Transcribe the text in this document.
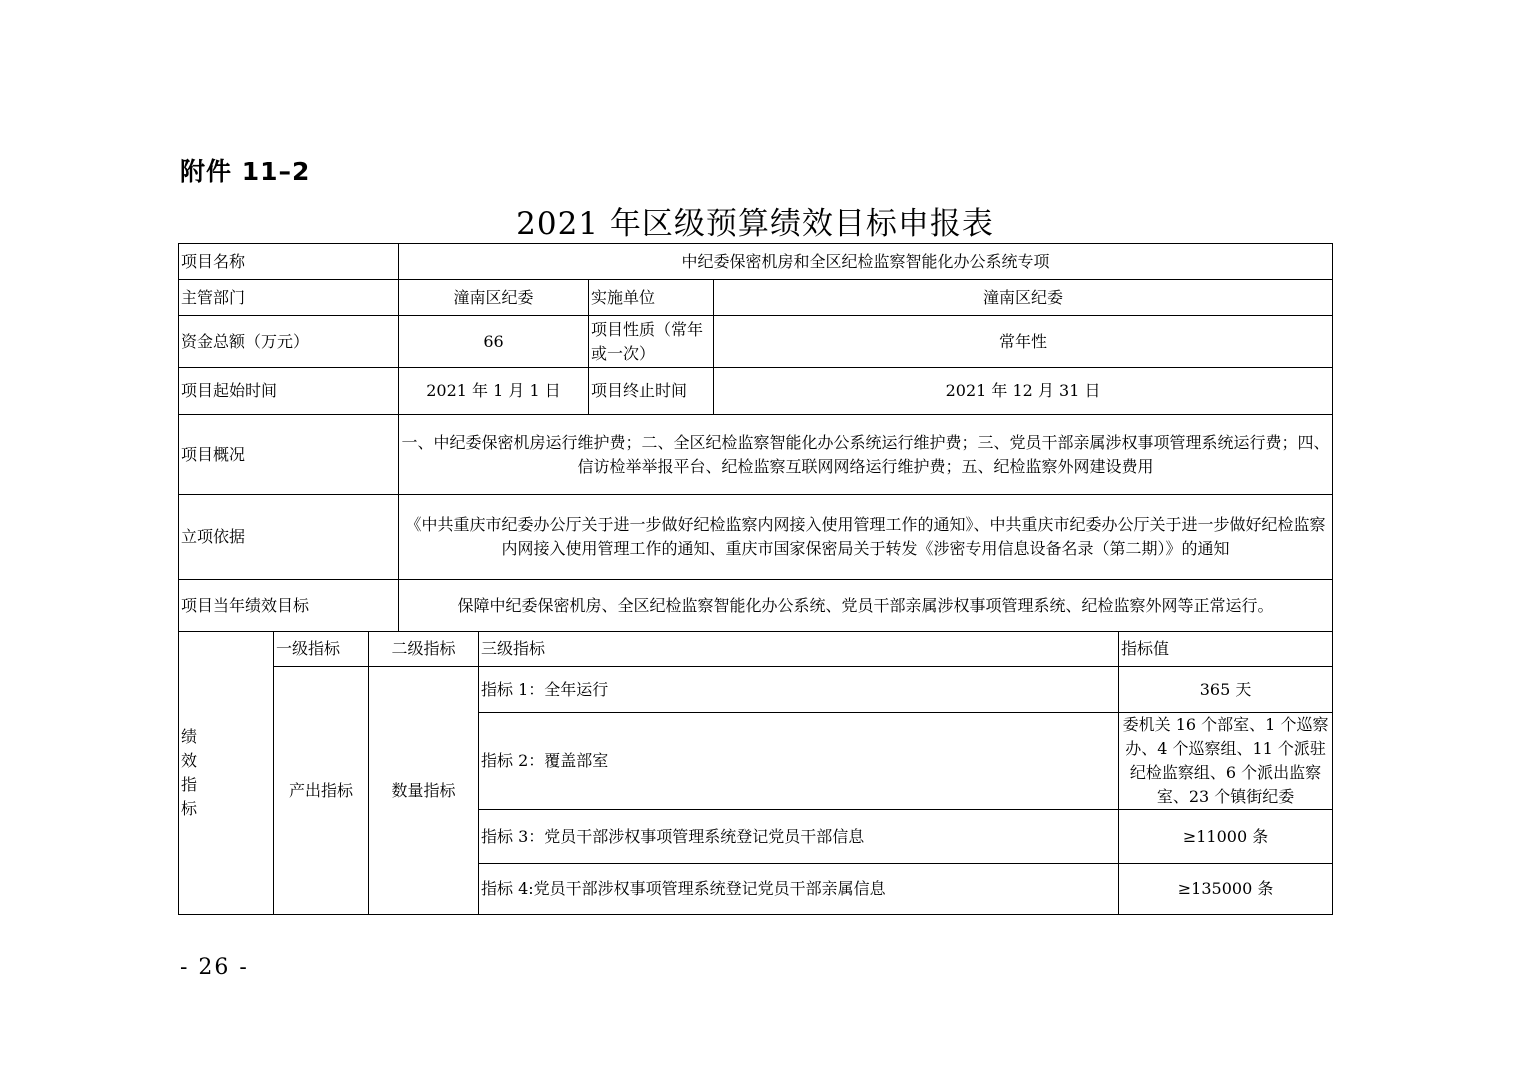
附件 11–2
2021 年区级预算绩效目标申报表
项目名称			中纪委保密机房和全区纪检监察智能化办公系统专项				
主管部门			潼南区纪委		实施单位	潼南区纪委	
资金总额（万元）			66		项目性质（常年或一次）	常年性	
项目起始时间			2021 年 1 月 1 日		项目终止时间	2021 年 12 月 31 日	
项目概况			一、中纪委保密机房运行维护费；二、全区纪检监察智能化办公系统运行维护费；三、党员干部亲属涉权事项管理系统运行费；四、信访检举举报平台、纪检监察互联网网络运行维护费；五、纪检监察外网建设费用				
立项依据			《中共重庆市纪委办公厅关于进一步做好纪检监察内网接入使用管理工作的通知》、中共重庆市纪委办公厅关于进一步做好纪检监察内网接入使用管理工作的通知、重庆市国家保密局关于转发《涉密专用信息设备名录（第二期）》的通知				
项目当年绩效目标			保障中纪委保密机房、全区纪检监察智能化办公系统、党员干部亲属涉权事项管理系统、纪检监察外网等正常运行。				

绩效指标	一级指标	二级指标		三级指标			指标值
	产出指标	数量指标		指标 1：全年运行			365 天
				指标 2：覆盖部室			委机关 16 个部室、1 个巡察办、4 个巡察组、11 个派驻纪检监察组、6 个派出监察室、23 个镇街纪委
				指标 3：党员干部涉权事项管理系统登记党员干部信息			≥11000 条
				指标 4:党员干部涉权事项管理系统登记党员干部亲属信息			≥135000 条
- 26 -
